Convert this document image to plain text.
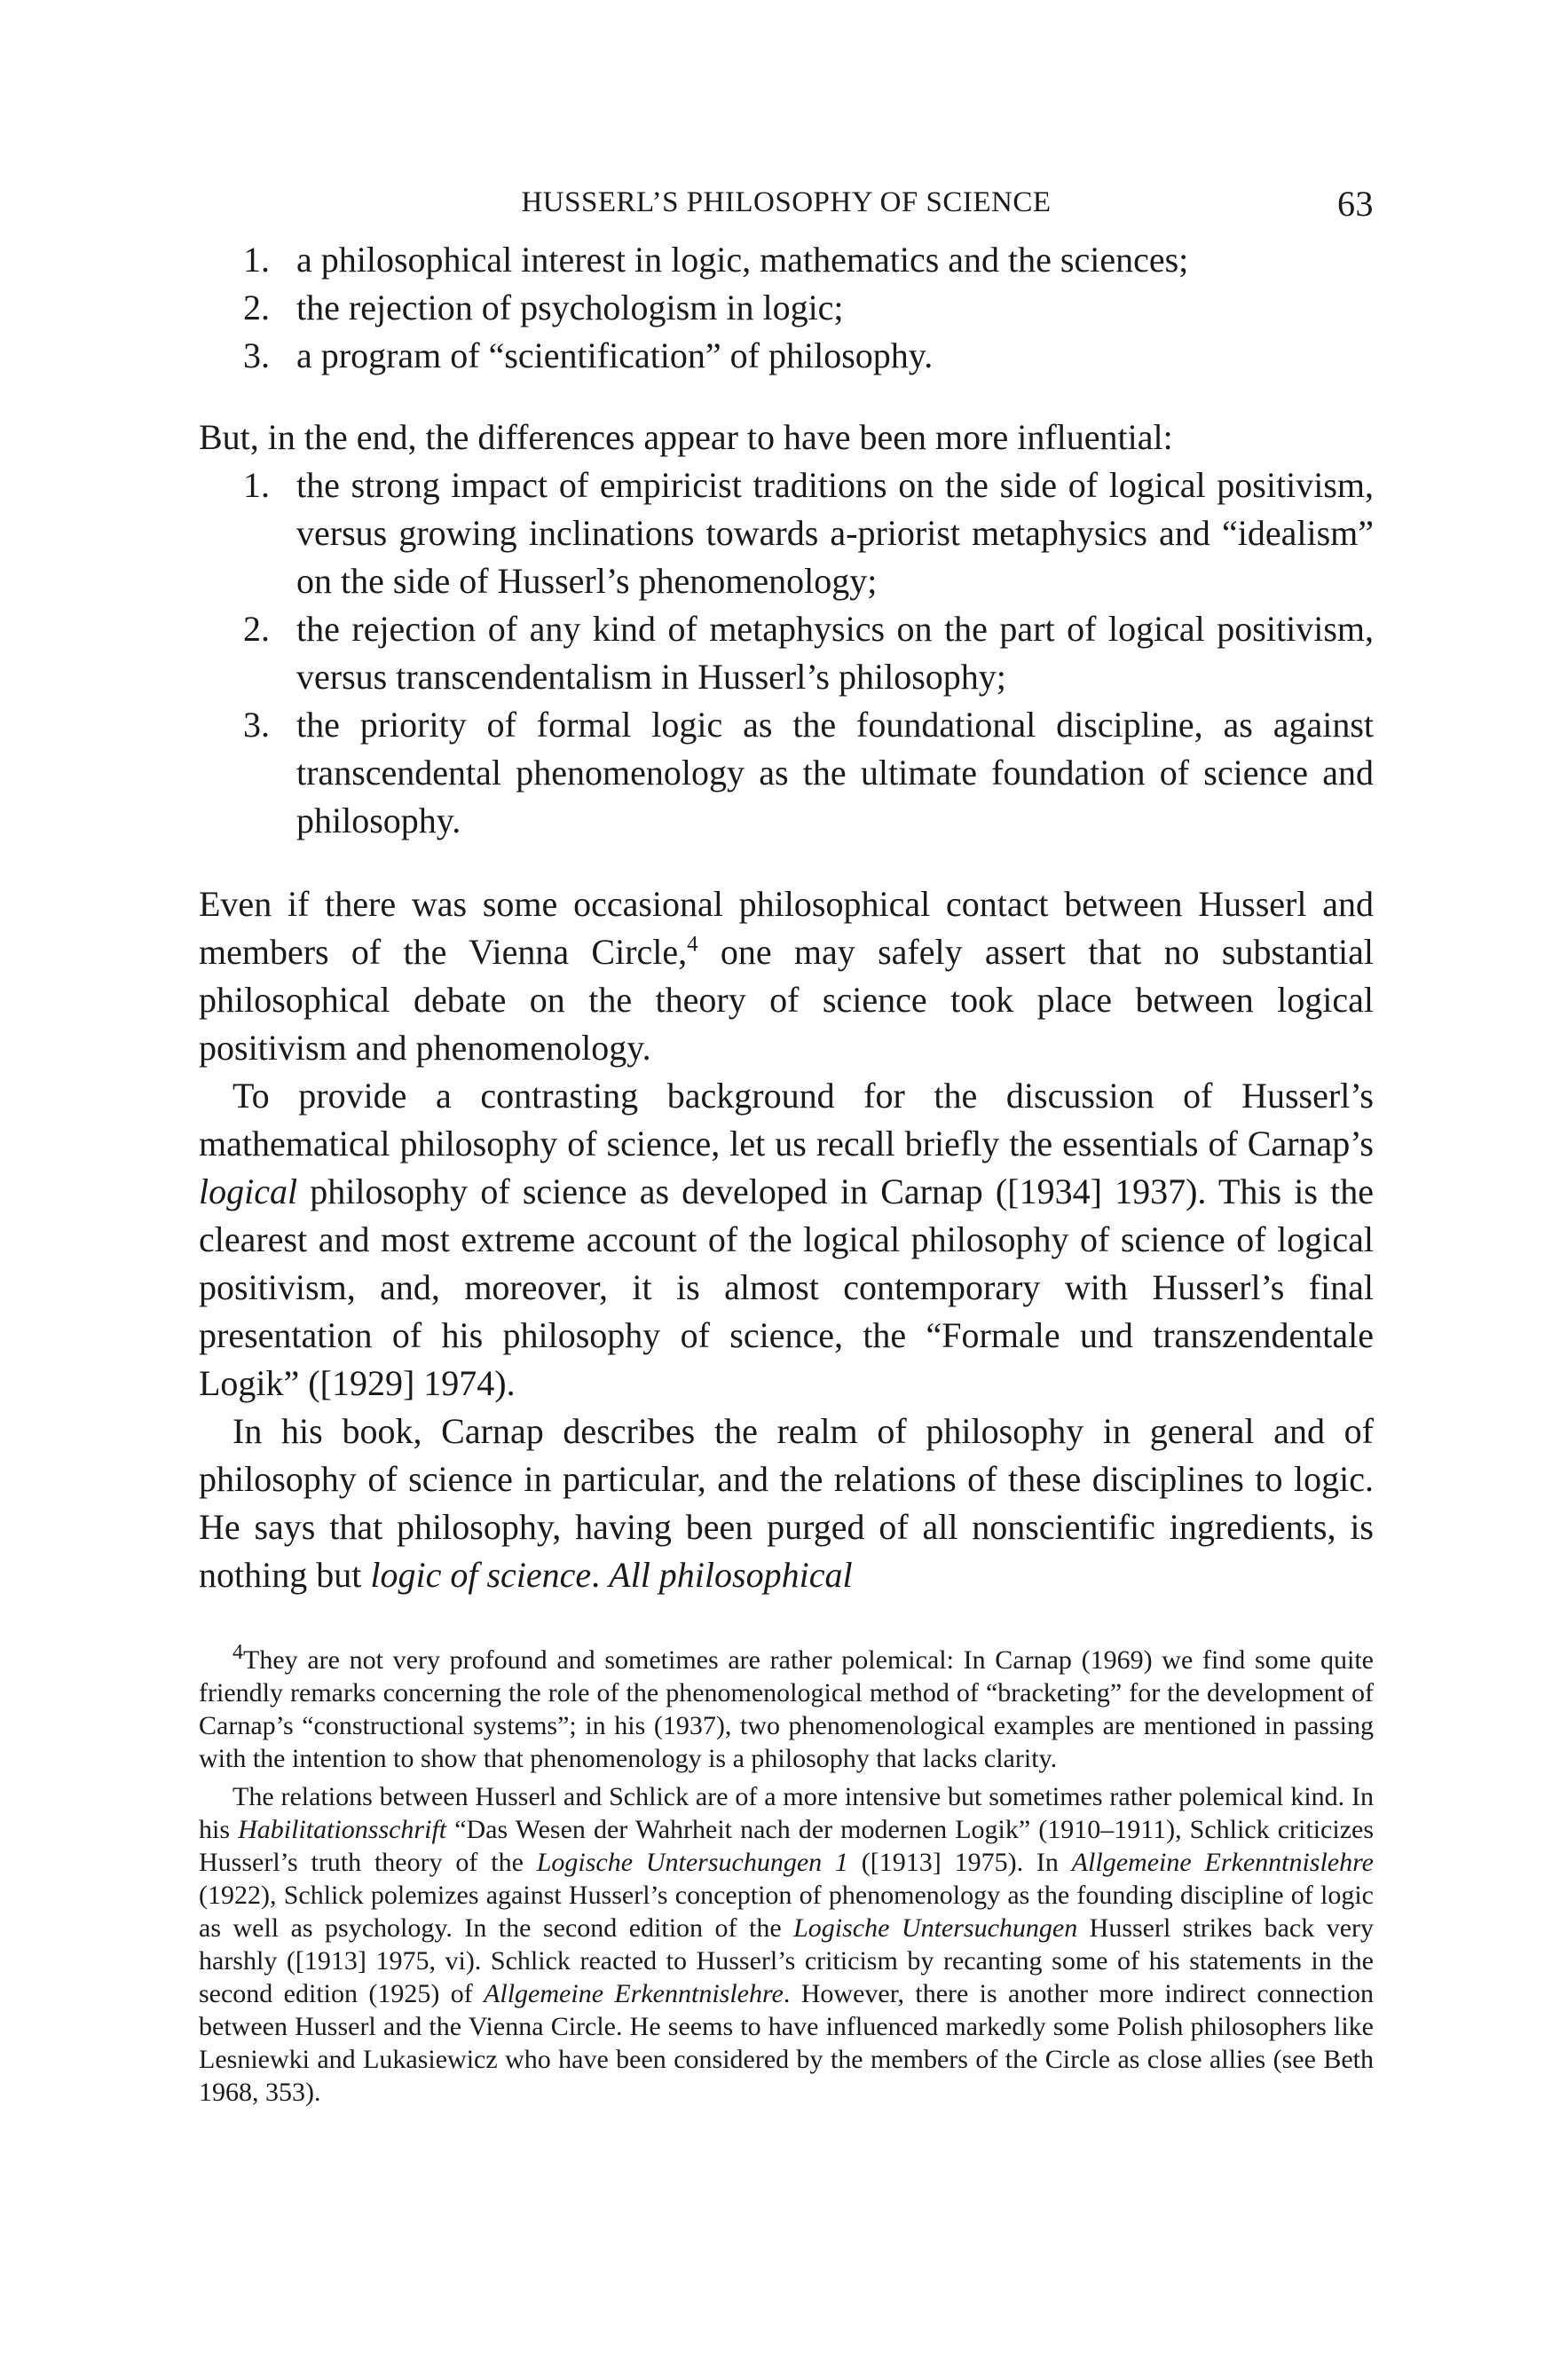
HUSSERL’S PHILOSOPHY OF SCIENCE	63
1. a philosophical interest in logic, mathematics and the sciences;
2. the rejection of psychologism in logic;
3. a program of “scientification” of philosophy.

But, in the end, the differences appear to have been more influential:

1. the strong impact of empiricist traditions on the side of logical positivism, versus growing inclinations towards a-priorist metaphysics and “idealism” on the side of Husserl’s phenomenology;
2. the rejection of any kind of metaphysics on the part of logical positivism, versus transcendentalism in Husserl’s philosophy;
3. the priority of formal logic as the foundational discipline, as against transcendental phenomenology as the ultimate foundation of science and philosophy.

Even if there was some occasional philosophical contact between Husserl and members of the Vienna Circle,$^4$ one may safely assert that no substantial philosophical debate on the theory of science took place between logical positivism and phenomenology.

To provide a contrasting background for the discussion of Husserl’s mathematical philosophy of science, let us recall briefly the essentials of Carnap’s logical philosophy of science as developed in Carnap ([1934] 1937). This is the clearest and most extreme account of the logical philosophy of science of logical positivism, and, moreover, it is almost contemporary with Husserl’s final presentation of his philosophy of science, the “Formale und transzendentale Logik” ([1929] 1974).

In his book, Carnap describes the realm of philosophy in general and of philosophy of science in particular, and the relations of these disciplines to logic. He says that philosophy, having been purged of all nonscientific ingredients, is nothing but logic of science. All philosophical

$^4$They are not very profound and sometimes are rather polemical: In Carnap (1969) we find some quite friendly remarks concerning the role of the phenomenological method of “bracketing” for the development of Carnap’s “constructional systems”; in his (1937), two phenomenological examples are mentioned in passing with the intention to show that phenomenology is a philosophy that lacks clarity.

The relations between Husserl and Schlick are of a more intensive but sometimes rather polemical kind. In his Habilitationsschrift “Das Wesen der Wahrheit nach der modernen Logik” (1910–1911), Schlick criticizes Husserl’s truth theory of the Logische Untersuchungen 1 ([1913] 1975). In Allgemeine Erkenntnislehre (1922), Schlick polemizes against Husserl’s conception of phenomenology as the founding discipline of logic as well as psychology. In the second edition of the Logische Untersuchungen Husserl strikes back very harshly ([1913] 1975, vi). Schlick reacted to Husserl’s criticism by recanting some of his statements in the second edition (1925) of Allgemeine Erkenntnislehre. However, there is another more indirect connection between Husserl and the Vienna Circle. He seems to have influenced markedly some Polish philosophers like Lesniewki and Lukasiewicz who have been considered by the members of the Circle as close allies (see Beth 1968, 353).
